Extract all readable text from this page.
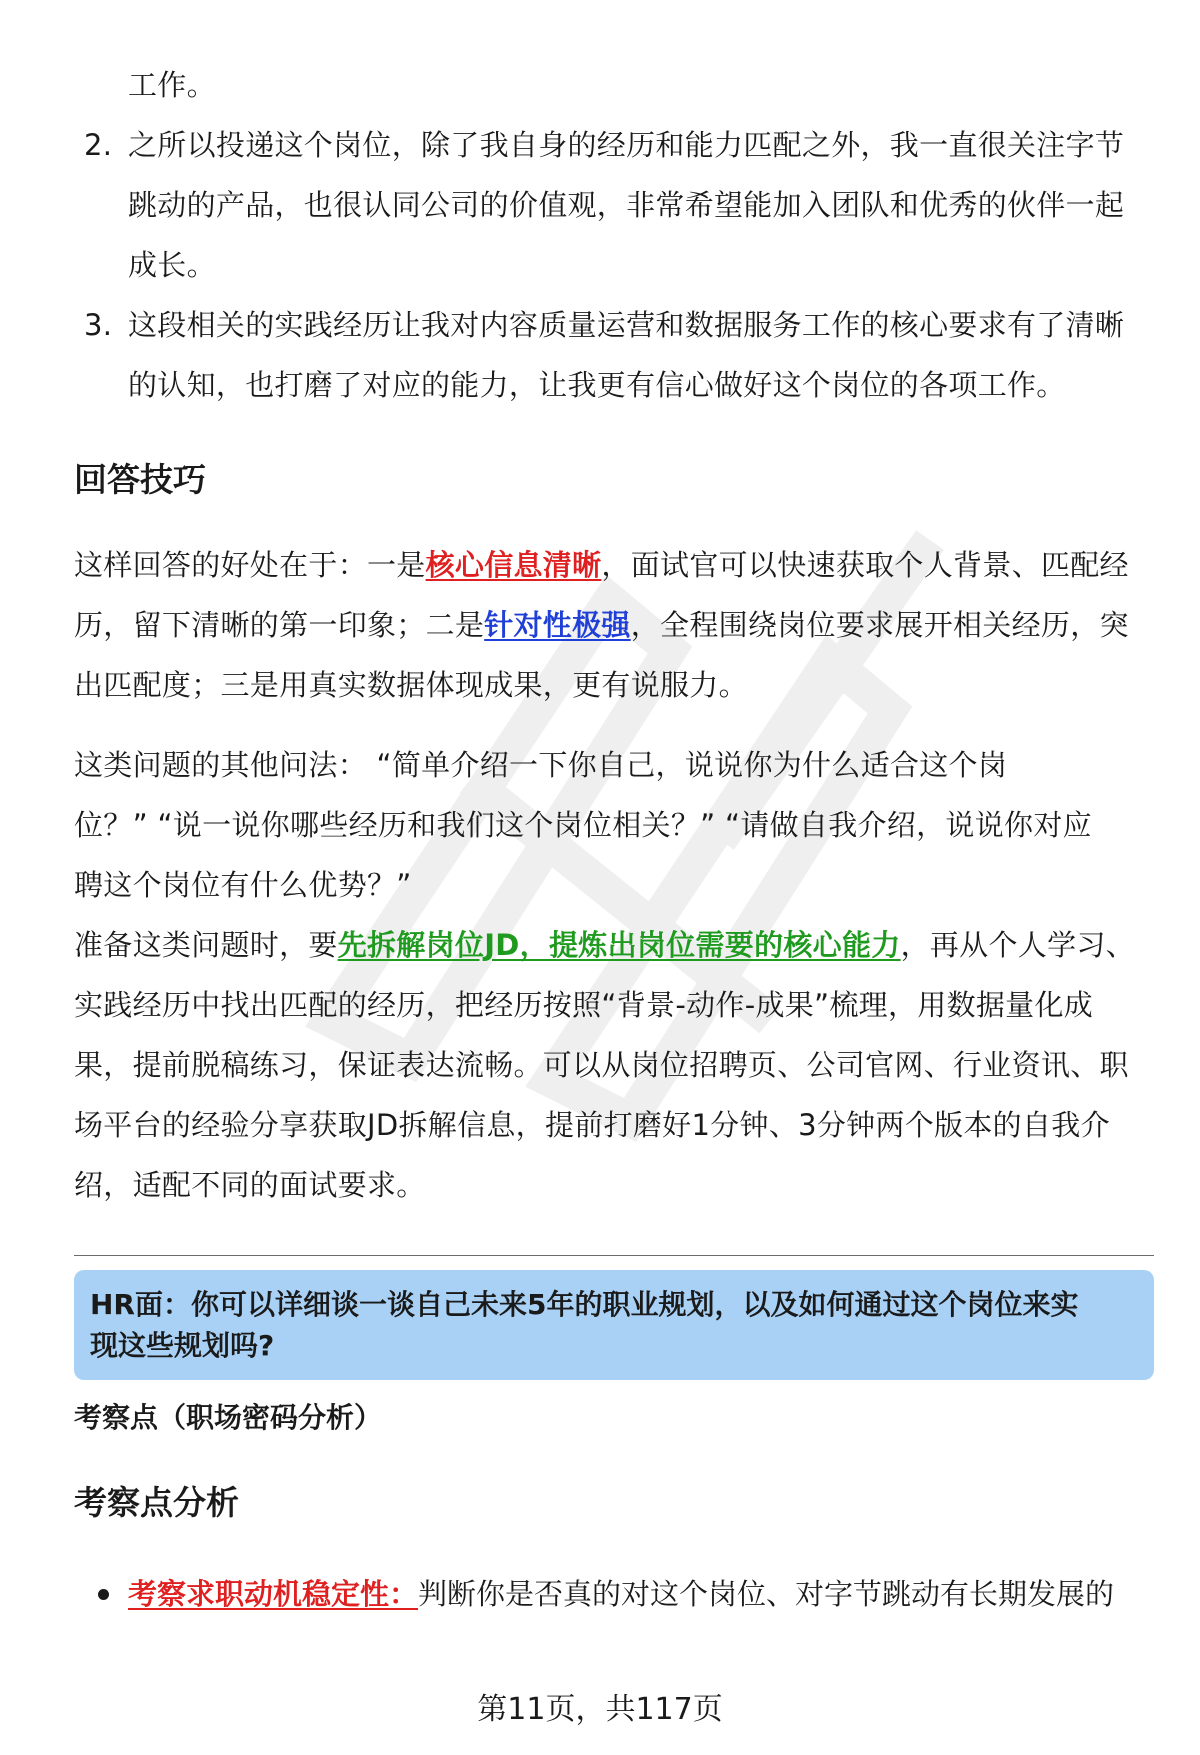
工作。

2. 之所以投递这个岗位，除了我自身的经历和能力匹配之外，我一直很关注字节
跳动的产品，也很认同公司的价值观，非常希望能加入团队和优秀的伙伴一起
成长。
3. 这段相关的实践经历让我对内容质量运营和数据服务工作的核心要求有了清晰
的认知，也打磨了对应的能力，让我更有信心做好这个岗位的各项工作。
回答技巧

这样回答的好处在于：一是核心信息清晰，面试官可以快速获取个人背景、匹配经
历，留下清晰的第一印象；二是针对性极强，全程围绕岗位要求展开相关经历，突
出匹配度；三是用真实数据体现成果，更有说服力。

这类问题的其他问法： “简单介绍一下你自己，说说你为什么适合这个岗
位？” “说一说你哪些经历和我们这个岗位相关？” “请做自我介绍，说说你对应
聘这个岗位有什么优势？”
准备这类问题时，要先拆解岗位JD，提炼出岗位需要的核心能力，再从个人学习、
实践经历中找出匹配的经历，把经历按照“背景-动作-成果”梳理，用数据量化成
果，提前脱稿练习，保证表达流畅。可以从岗位招聘页、公司官网、行业资讯、职
场平台的经验分享获取JD拆解信息，提前打磨好1分钟、3分钟两个版本的自我介
绍，适配不同的面试要求。

HR面：你可以详细谈一谈自己未来5年的职业规划，以及如何通过这个岗位来实
现这些规划吗?

考察点（职场密码分析）

考察点分析
考察求职动机稳定性：判断你是否真的对这个岗位、对字节跳动有长期发展的
第11页，共117页
